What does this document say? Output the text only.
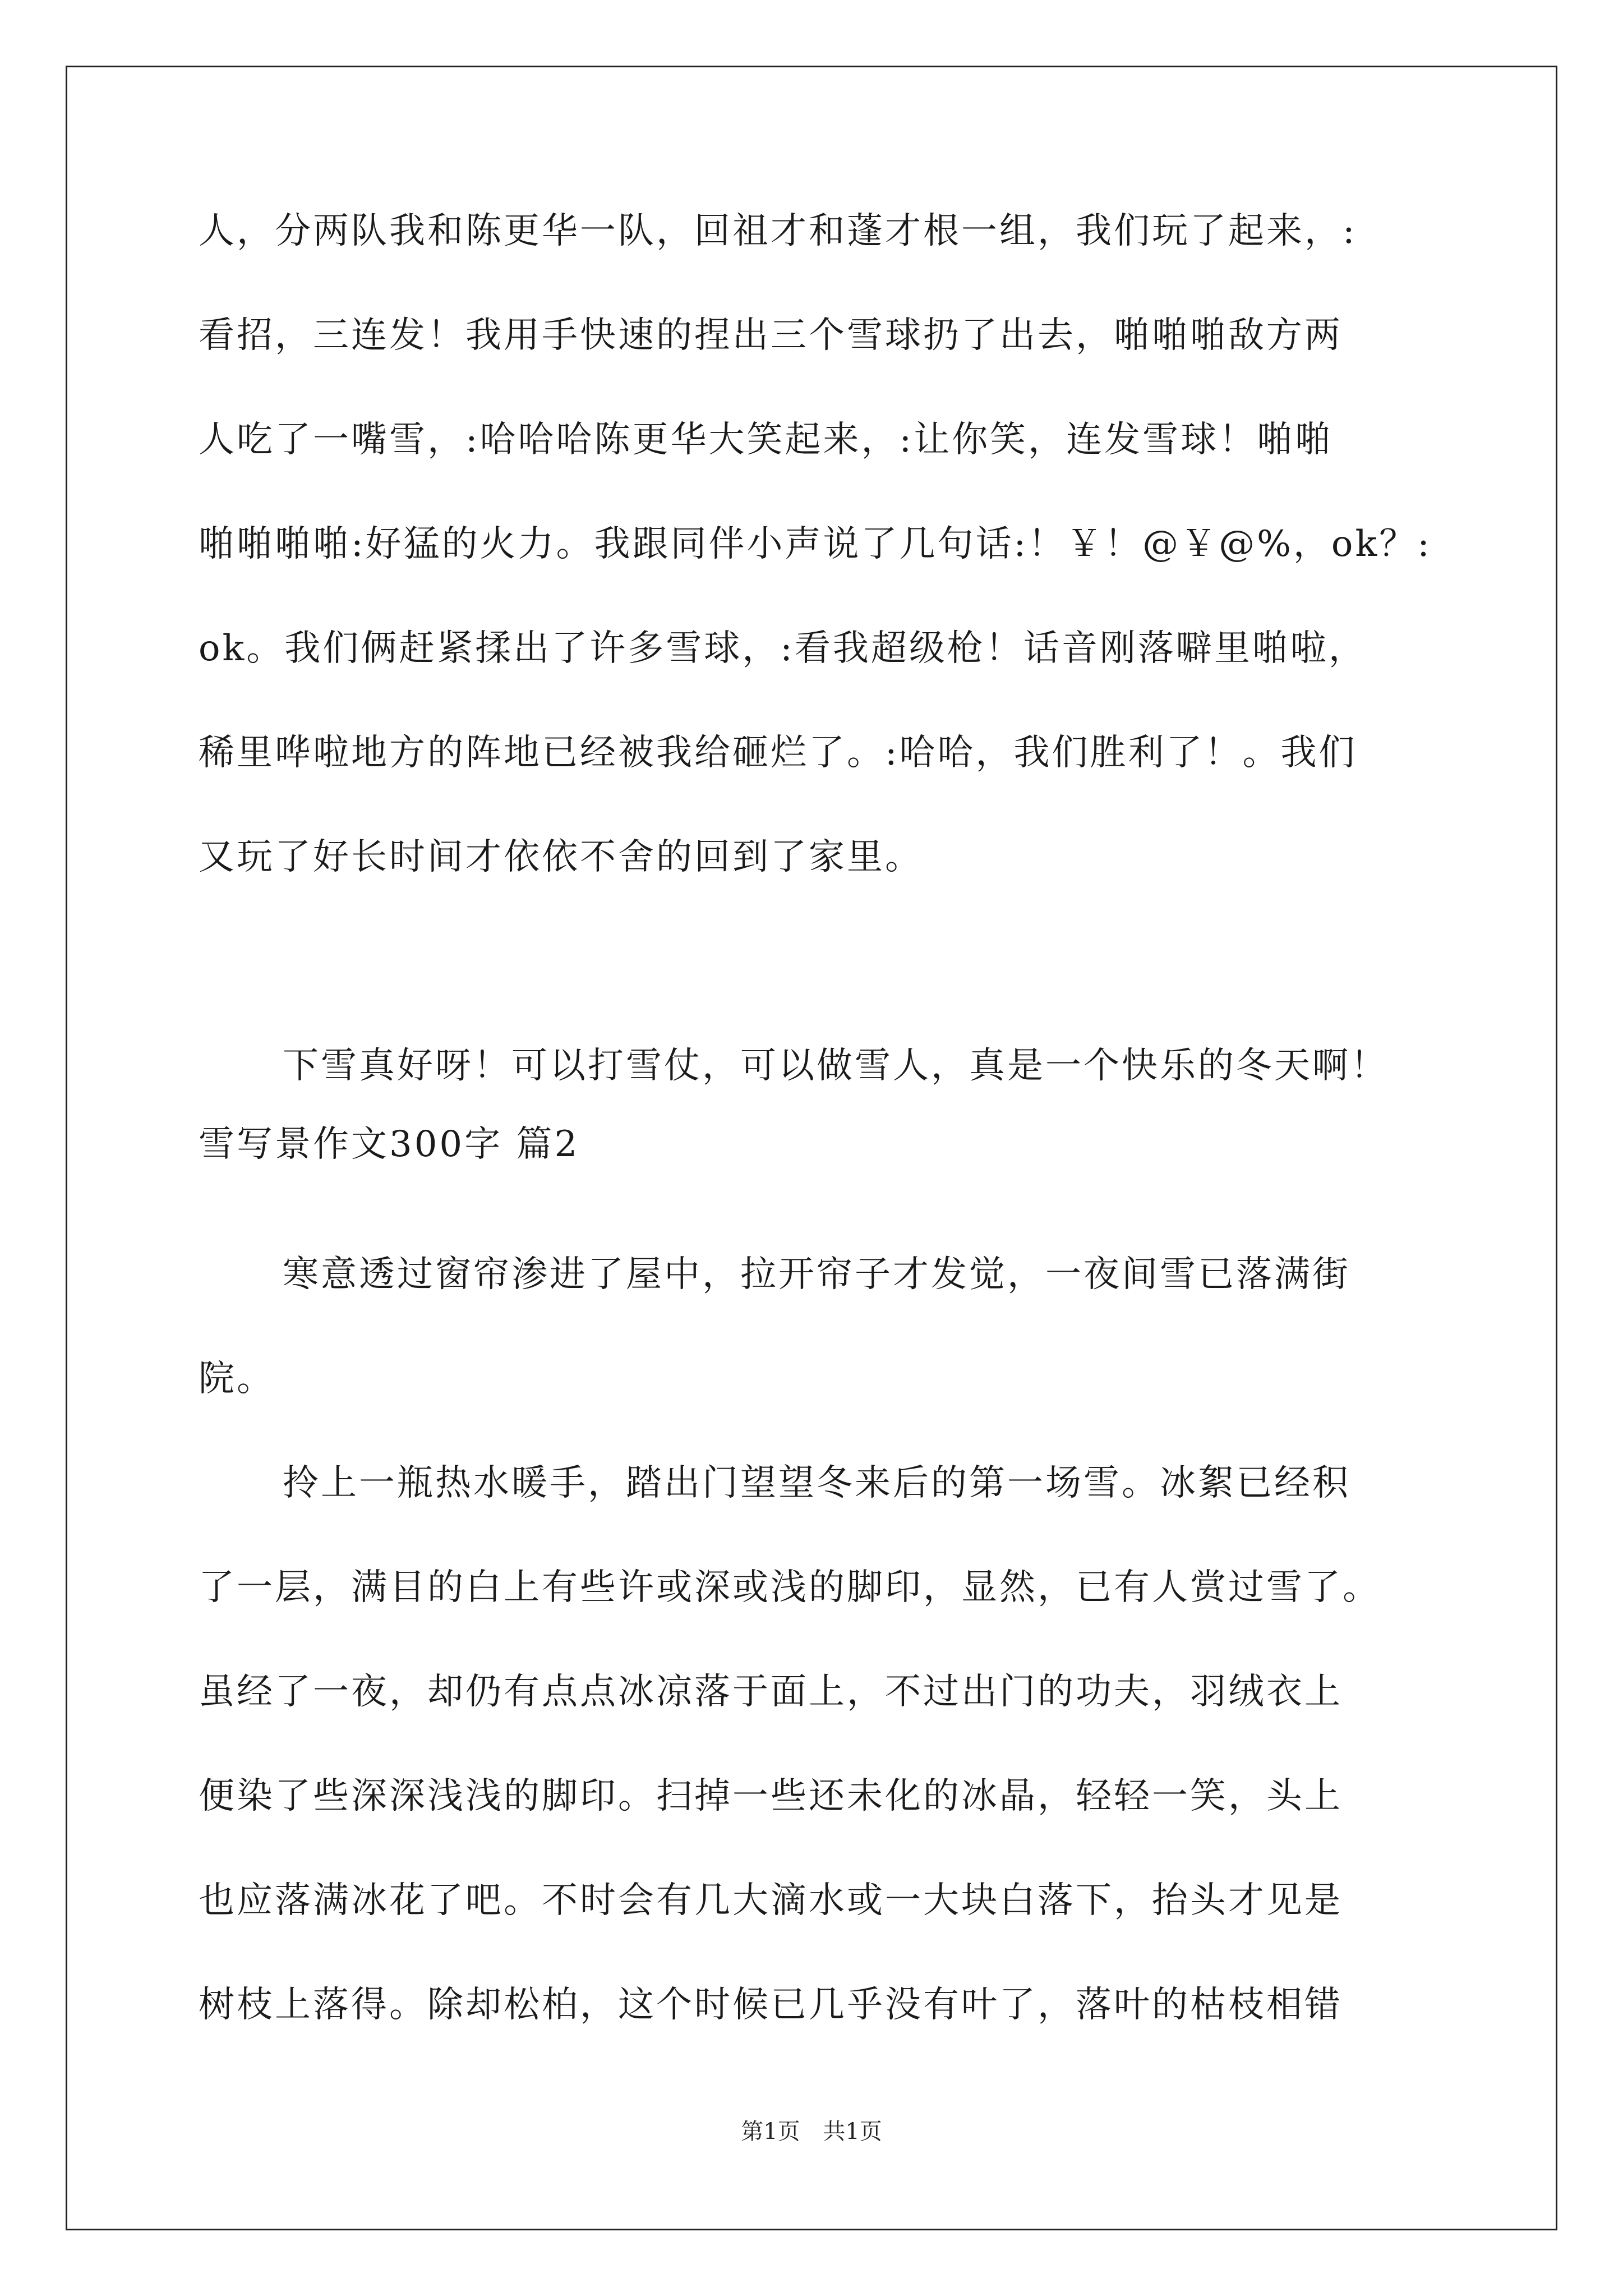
人，分两队我和陈更华一队，回祖才和蓬才根一组，我们玩了起来，:

看招，三连发！我用手快速的捏出三个雪球扔了出去，啪啪啪敌方两

人吃了一嘴雪，:哈哈哈陈更华大笑起来，:让你笑，连发雪球！啪啪

啪啪啪啪:好猛的火力。我跟同伴小声说了几句话:！￥！@￥@%，ok？:

ok。我们俩赶紧揉出了许多雪球，:看我超级枪！话音刚落噼里啪啦，

稀里哗啦地方的阵地已经被我给砸烂了。:哈哈，我们胜利了！。我们

又玩了好长时间才依依不舍的回到了家里。

下雪真好呀！可以打雪仗，可以做雪人，真是一个快乐的冬天啊！

雪写景作文300字 篇2

寒意透过窗帘渗进了屋中，拉开帘子才发觉，一夜间雪已落满街

院。

拎上一瓶热水暖手，踏出门望望冬来后的第一场雪。冰絮已经积

了一层，满目的白上有些许或深或浅的脚印，显然，已有人赏过雪了。

虽经了一夜，却仍有点点冰凉落于面上，不过出门的功夫，羽绒衣上

便染了些深深浅浅的脚印。扫掉一些还未化的冰晶，轻轻一笑，头上

也应落满冰花了吧。不时会有几大滴水或一大块白落下，抬头才见是

树枝上落得。除却松柏，这个时候已几乎没有叶了，落叶的枯枝相错

第1页 共1页
